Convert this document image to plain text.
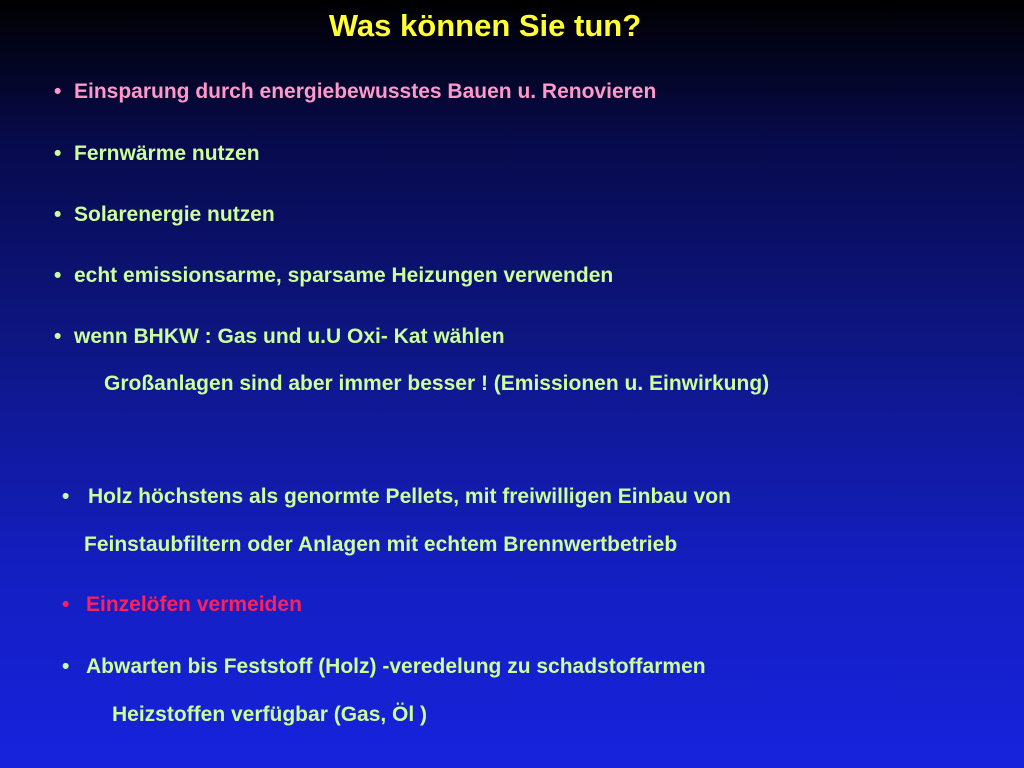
Was können Sie tun?
• Einsparung durch energiebewusstes Bauen u. Renovieren
• Fernwärme nutzen
• Solarenergie nutzen
• echt emissionsarme, sparsame Heizungen verwenden
• wenn BHKW : Gas und u.U Oxi- Kat wählen
Großanlagen sind aber immer besser ! (Emissionen u. Einwirkung)
• Holz höchstens als genormte Pellets, mit freiwilligen Einbau von
Feinstaubfiltern oder Anlagen mit echtem Brennwertbetrieb
• Einzelöfen vermeiden
• Abwarten bis Feststoff (Holz) -veredelung zu schadstoffarmen
Heizstoffen verfügbar (Gas, Öl )
